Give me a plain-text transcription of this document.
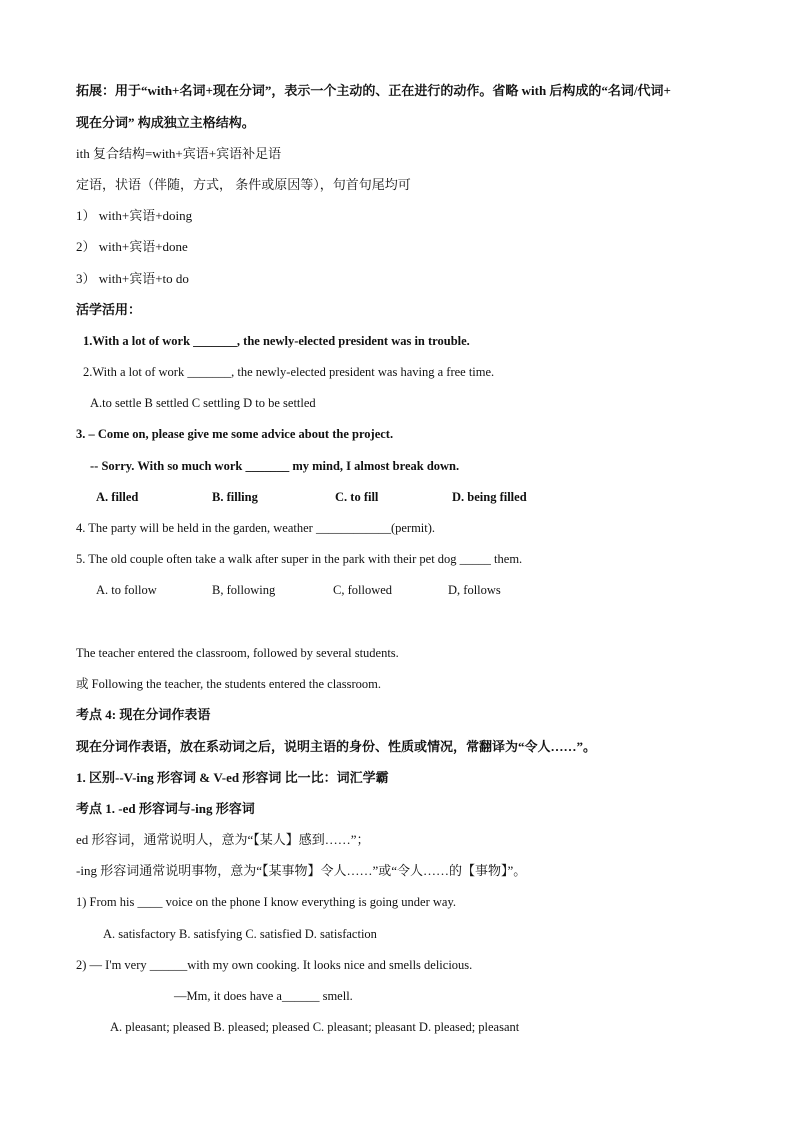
拓展：用于“with+名词+现在分词”，表示一个主动的、正在进行的动作。省略 with 后构成的“名词/代词+
现在分词” 构成独立主格结构。
ith 复合结构=with+宾语+宾语补足语
定语，状语（伴随，方式， 条件或原因等），句首句尾均可
1） with+宾语+doing
2） with+宾语+done
3） with+宾语+to do
活学活用：
1.With a lot of work _______, the newly-elected president was in trouble.
2.With a lot of work _______, the newly-elected president was having a free time.
A.to settle B settled C settling D to be settled
3. – Come on, please give me some advice about the project.
-- Sorry. With so much work _______ my mind, I almost break down.
A. filled	B. filling	C. to fill	D. being filled
4. The party will be held in the garden, weather ____________(permit).
5. The old couple often take a walk after super in the park with their pet dog _____ them.
A. to follow	B, following	C, followed	D, follows
The teacher entered the classroom, followed by several students.
或 Following the teacher, the students entered the classroom.
考点 4: 现在分词作表语
现在分词作表语，放在系动词之后，说明主语的身份、性质或情况，常翻译为“令人……”。
1. 区别--V-ing 形容词 & V-ed 形容词 比一比：词汇学霸
考点 1. -ed 形容词与-ing 形容词
ed 形容词，通常说明人，意为“【某人】感到……”；
-ing 形容词通常说明事物，意为“【某事物】令人……”或“令人……的【事物】”。
1) From his ____ voice on the phone I know everything is going under way.
A. satisfactory B. satisfying C. satisfied D. satisfaction
2) — I'm very ______with my own cooking. It looks nice and smells delicious.
—Mm, it does have a______ smell.
A. pleasant; pleased B. pleased; pleased C. pleasant; pleasant D. pleased; pleasant
